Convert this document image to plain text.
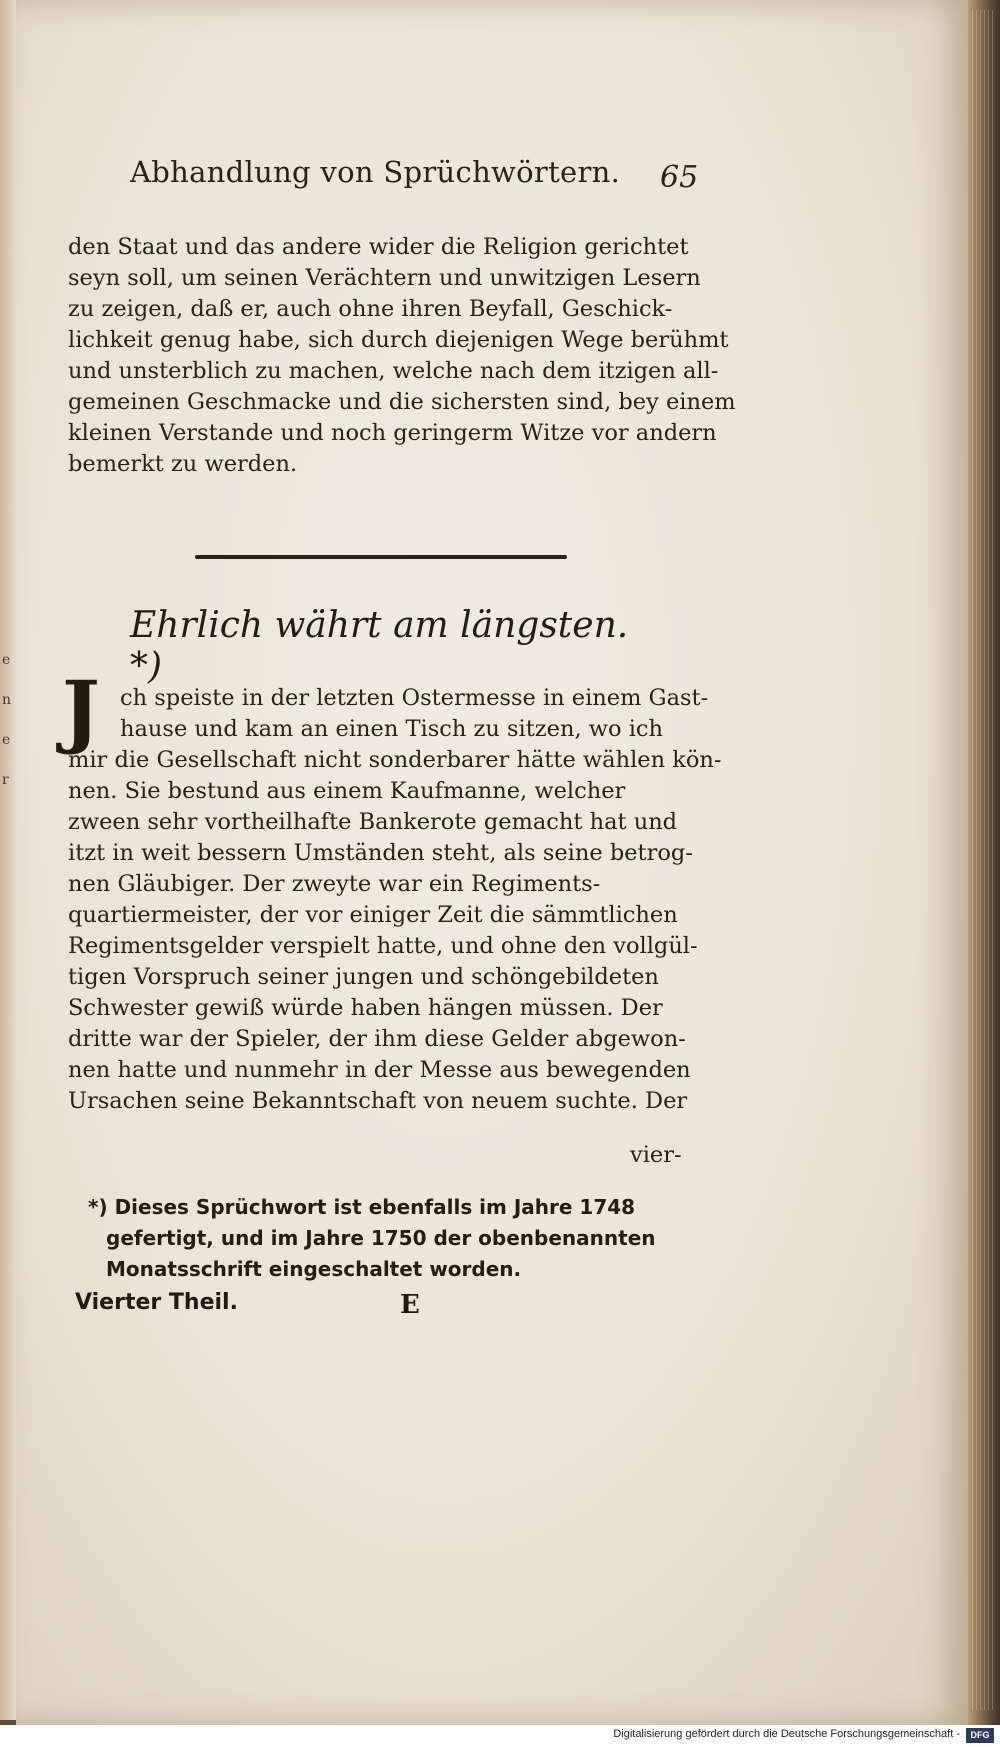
e
n
e
r
Abhandlung von Sprüchwörtern.	65
den Staat und das andere wider die Religion gerichtet
seyn soll, um seinen Verächtern und unwitzigen Lesern
zu zeigen, daß er, auch ohne ihren Beyfall, Geschick-
lichkeit genug habe, sich durch diejenigen Wege berühmt
und unsterblich zu machen, welche nach dem itzigen all-
gemeinen Geschmacke und die sichersten sind, bey einem
kleinen Verstande und noch geringerm Witze vor andern
bemerkt zu werden.
Ehrlich währt am längsten. *)
J ch speiste in der letzten Ostermesse in einem Gast-
hause und kam an einen Tisch zu sitzen, wo ich
mir die Gesellschaft nicht sonderbarer hätte wählen kön-
nen. Sie bestund aus einem Kaufmanne, welcher
zween sehr vortheilhafte Bankerote gemacht hat und
itzt in weit bessern Umständen steht, als seine betrog-
nen Gläubiger. Der zweyte war ein Regiments-
quartiermeister, der vor einiger Zeit die sämmtlichen
Regimentsgelder verspielt hatte, und ohne den vollgül-
tigen Vorspruch seiner jungen und schöngebildeten
Schwester gewiß würde haben hängen müssen. Der
dritte war der Spieler, der ihm diese Gelder abgewon-
nen hatte und nunmehr in der Messe aus bewegenden
Ursachen seine Bekanntschaft von neuem suchte. Der
vier-
*) Dieses Sprüchwort ist ebenfalls im Jahre 1748
gefertigt, und im Jahre 1750 der obenbenannten
Monatsschrift eingeschaltet worden.
Vierter Theil.	E
Digitalisierung gefördert durch die Deutsche Forschungsgemeinschaft -	DFG
